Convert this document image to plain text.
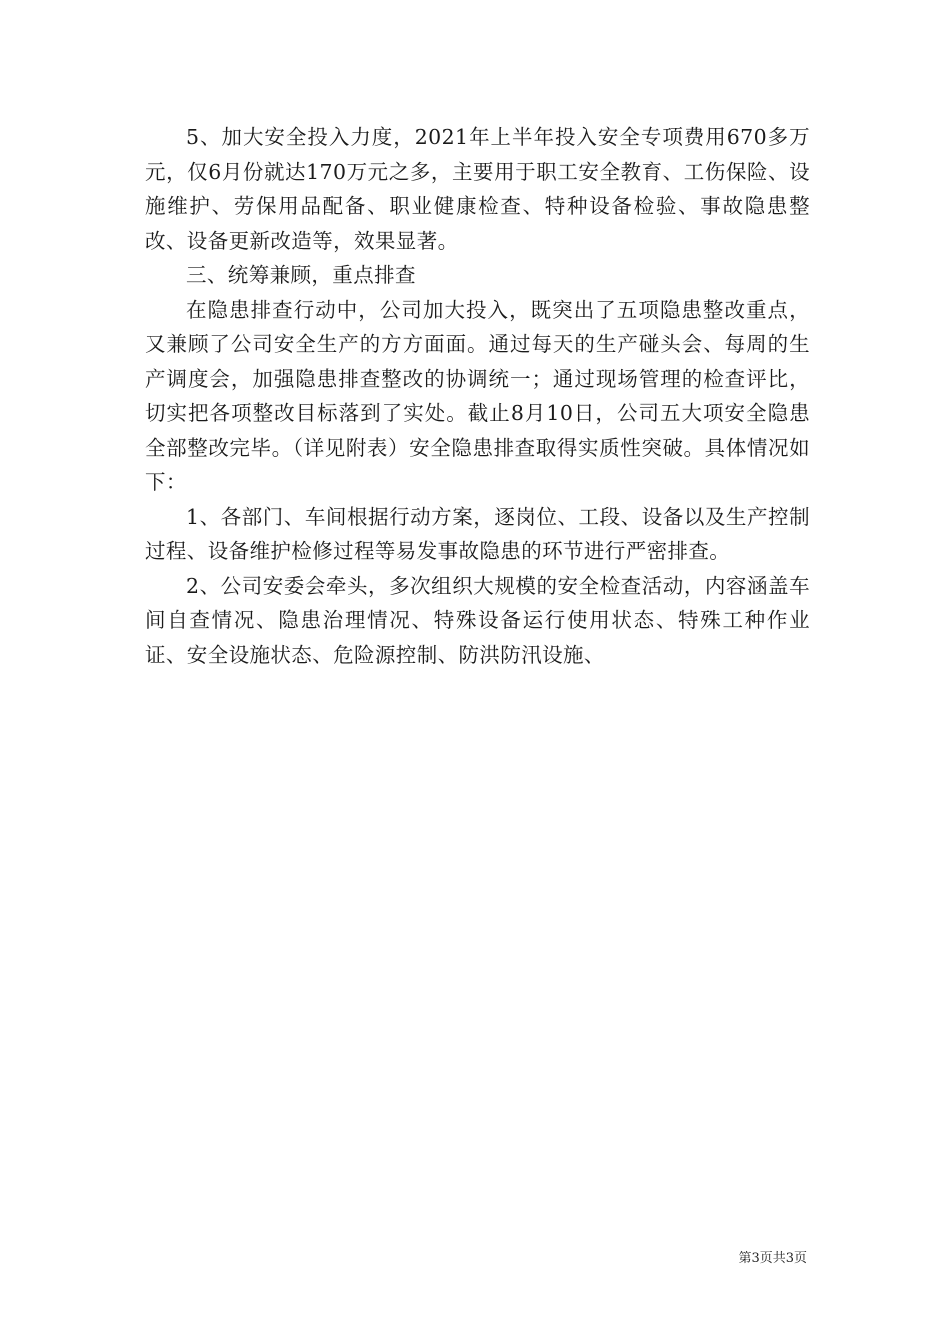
5、加大安全投入力度，2021年上半年投入安全专项费用670多万元，仅6月份就达170万元之多，主要用于职工安全教育、工伤保险、设施维护、劳保用品配备、职业健康检查、特种设备检验、事故隐患整改、设备更新改造等，效果显著。

三、统筹兼顾，重点排查

在隐患排查行动中，公司加大投入，既突出了五项隐患整改重点，又兼顾了公司安全生产的方方面面。通过每天的生产碰头会、每周的生产调度会，加强隐患排查整改的协调统一；通过现场管理的检查评比，切实把各项整改目标落到了实处。截止8月10日，公司五大项安全隐患全部整改完毕。（详见附表）安全隐患排查取得实质性突破。具体情况如下：

1、各部门、车间根据行动方案，逐岗位、工段、设备以及生产控制过程、设备维护检修过程等易发事故隐患的环节进行严密排查。

2、公司安委会牵头，多次组织大规模的安全检查活动，内容涵盖车间自查情况、隐患治理情况、特殊设备运行使用状态、特殊工种作业证、安全设施状态、危险源控制、防洪防汛设施、

第3页共3页
